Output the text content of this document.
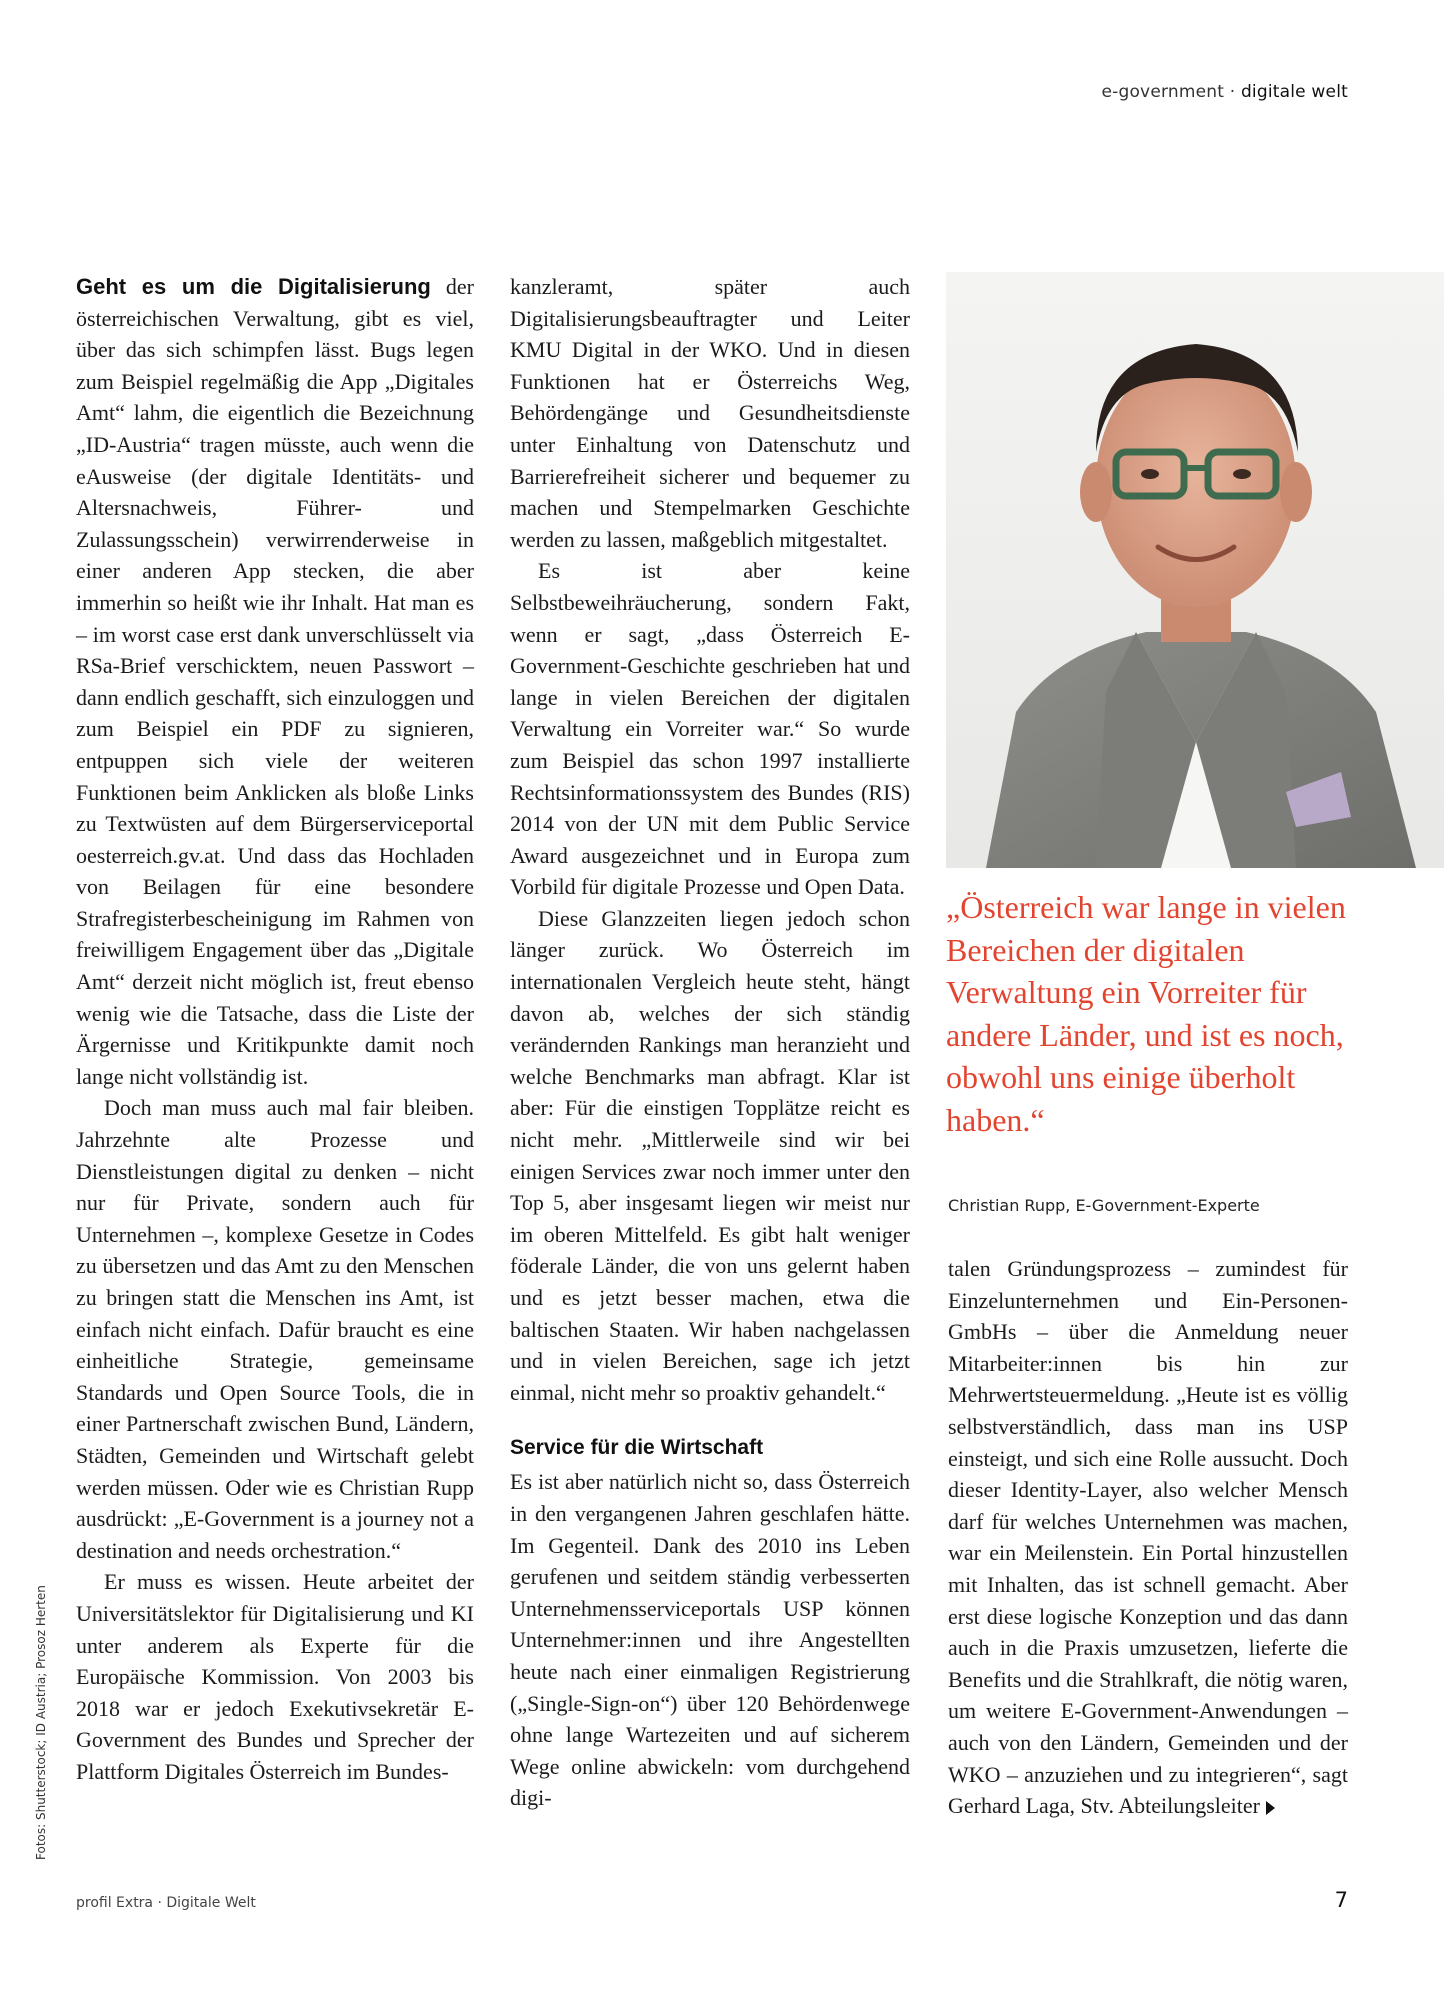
e-government · digitale welt

Geht es um die Digitalisierung der österreichischen Verwaltung, gibt es viel, über das sich schimpfen lässt. Bugs legen zum Beispiel regelmäßig die App „Digitales Amt“ lahm, die eigentlich die Bezeichnung „ID-Austria“ tragen müsste, auch wenn die eAusweise (der digitale Identitäts- und Altersnachweis, Führer- und Zulassungsschein) verwirrenderweise in einer anderen App stecken, die aber immerhin so heißt wie ihr Inhalt. Hat man es – im worst case erst dank unverschlüsselt via RSa-Brief verschicktem, neuen Passwort – dann endlich geschafft, sich einzuloggen und zum Beispiel ein PDF zu signieren, entpuppen sich viele der weiteren Funktionen beim Anklicken als bloße Links zu Textwüsten auf dem Bürgerserviceportal oesterreich.gv.at. Und dass das Hochladen von Beilagen für eine besondere Strafregisterbescheinigung im Rahmen von freiwilligem Engagement über das „Digitale Amt“ derzeit nicht möglich ist, freut ebenso wenig wie die Tatsache, dass die Liste der Ärgernisse und Kritikpunkte damit noch lange nicht vollständig ist.

Doch man muss auch mal fair bleiben. Jahrzehnte alte Prozesse und Dienstleistungen digital zu denken – nicht nur für Private, sondern auch für Unternehmen –, komplexe Gesetze in Codes zu übersetzen und das Amt zu den Menschen zu bringen statt die Menschen ins Amt, ist einfach nicht einfach. Dafür braucht es eine einheitliche Strategie, gemeinsame Standards und Open Source Tools, die in einer Partnerschaft zwischen Bund, Ländern, Städten, Gemeinden und Wirtschaft gelebt werden müssen. Oder wie es Christian Rupp ausdrückt: „E-Government is a journey not a destination and needs orchestration.“

Er muss es wissen. Heute arbeitet der Universitätslektor für Digitalisierung und KI unter anderem als Experte für die Europäische Kommission. Von 2003 bis 2018 war er jedoch Exekutivsekretär E-Government des Bundes und Sprecher der Plattform Digitales Österreich im Bundes-

kanzleramt, später auch Digitalisierungsbeauftragter und Leiter KMU Digital in der WKO. Und in diesen Funktionen hat er Österreichs Weg, Behördengänge und Gesundheitsdienste unter Einhaltung von Datenschutz und Barrierefreiheit sicherer und bequemer zu machen und Stempelmarken Geschichte werden zu lassen, maßgeblich mitgestaltet.

Es ist aber keine Selbstbeweihräucherung, sondern Fakt, wenn er sagt, „dass Österreich E-Government-Geschichte geschrieben hat und lange in vielen Bereichen der digitalen Verwaltung ein Vorreiter war.“ So wurde zum Beispiel das schon 1997 installierte Rechtsinformationssystem des Bundes (RIS) 2014 von der UN mit dem Public Service Award ausgezeichnet und in Europa zum Vorbild für digitale Prozesse und Open Data.

Diese Glanzzeiten liegen jedoch schon länger zurück. Wo Österreich im internationalen Vergleich heute steht, hängt davon ab, welches der sich ständig verändernden Rankings man heranzieht und welche Benchmarks man abfragt. Klar ist aber: Für die einstigen Topplätze reicht es nicht mehr. „Mittlerweile sind wir bei einigen Services zwar noch immer unter den Top 5, aber insgesamt liegen wir meist nur im oberen Mittelfeld. Es gibt halt weniger föderale Länder, die von uns gelernt haben und es jetzt besser machen, etwa die baltischen Staaten. Wir haben nachgelassen und in vielen Bereichen, sage ich jetzt einmal, nicht mehr so proaktiv gehandelt.“

Service für die Wirtschaft

Es ist aber natürlich nicht so, dass Österreich in den vergangenen Jahren geschlafen hätte. Im Gegenteil. Dank des 2010 ins Leben gerufenen und seitdem ständig verbesserten Unternehmensserviceportals USP können Unternehmer:innen und ihre Angestellten heute nach einer einmaligen Registrierung („Single-Sign-on“) über 120 Behördenwege ohne lange Wartezeiten und auf sicherem Wege online abwickeln: vom durchgehend digi-

„Österreich war lange in vielen Bereichen der digitalen Verwaltung ein Vorreiter für andere Länder, und ist es noch, obwohl uns einige überholt haben.“
Christian Rupp, E-Government-Experte

talen Gründungsprozess – zumindest für Einzelunternehmen und Ein-Personen-GmbHs – über die Anmeldung neuer Mitarbeiter:innen bis hin zur Mehrwertsteuermeldung. „Heute ist es völlig selbstverständlich, dass man ins USP einsteigt, und sich eine Rolle aussucht. Doch dieser Identity-Layer, also welcher Mensch darf für welches Unternehmen was machen, war ein Meilenstein. Ein Portal hinzustellen mit Inhalten, das ist schnell gemacht. Aber erst diese logische Konzeption und das dann auch in die Praxis umzusetzen, lieferte die Benefits und die Strahlkraft, die nötig waren, um weitere E-Government-Anwendungen – auch von den Ländern, Gemeinden und der WKO – anzuziehen und zu integrieren“, sagt Gerhard Laga, Stv. Abteilungsleiter

Fotos: Shutterstock; ID Austria; Prosoz Herten
profil Extra · Digitale Welt	7
